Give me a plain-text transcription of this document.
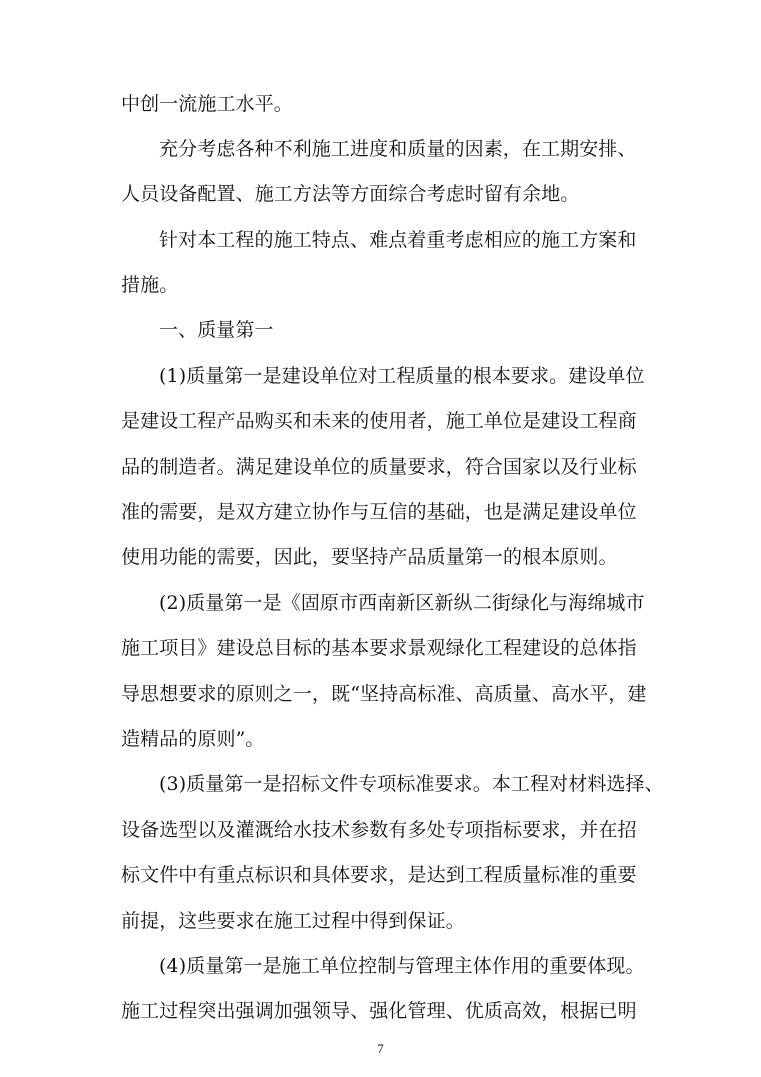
中创一流施工水平。
充分考虑各种不利施工进度和质量的因素，在工期安排、
人员设备配置、施工方法等方面综合考虑时留有余地。
针对本工程的施工特点、难点着重考虑相应的施工方案和
措施。
一、质量第一
(1)质量第一是建设单位对工程质量的根本要求。建设单位
是建设工程产品购买和未来的使用者，施工单位是建设工程商
品的制造者。满足建设单位的质量要求，符合国家以及行业标
准的需要，是双方建立协作与互信的基础，也是满足建设单位
使用功能的需要，因此，要坚持产品质量第一的根本原则。
(2)质量第一是《固原市西南新区新纵二街绿化与海绵城市
施工项目》建设总目标的基本要求景观绿化工程建设的总体指
导思想要求的原则之一，既“坚持高标准、高质量、高水平，建
造精品的原则”。
(3)质量第一是招标文件专项标准要求。本工程对材料选择、
设备选型以及灌溉给水技术参数有多处专项指标要求，并在招
标文件中有重点标识和具体要求，是达到工程质量标准的重要
前提，这些要求在施工过程中得到保证。
(4)质量第一是施工单位控制与管理主体作用的重要体现。
施工过程突出强调加强领导、强化管理、优质高效，根据已明
7
